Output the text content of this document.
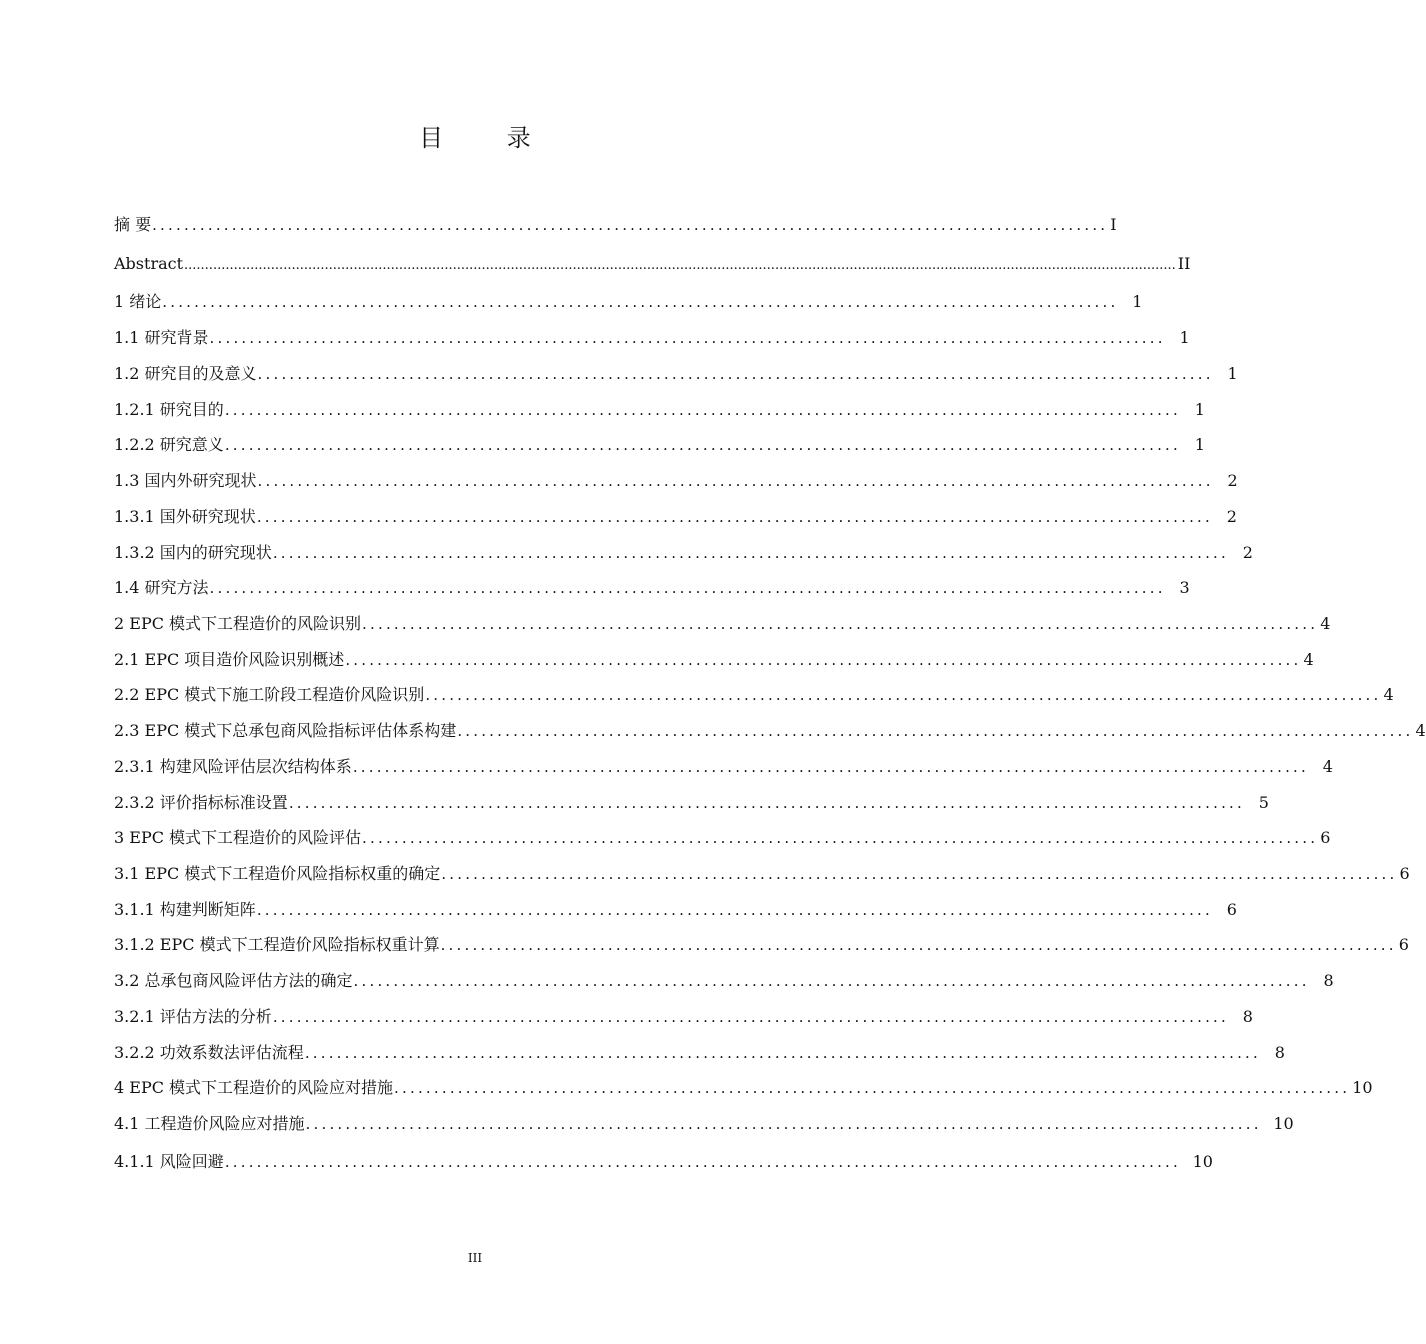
目 录
摘 要 ........................................................................................................................ I
Abstract ................................................................................................................................................................................................................................................ II
1 绪论 ........................................................................................................................ 1
1.1 研究背景 ........................................................................................................................ 1
1.2 研究目的及意义 ........................................................................................................................ 1
1.2.1 研究目的 ........................................................................................................................ 1
1.2.2 研究意义 ........................................................................................................................ 1
1.3 国内外研究现状 ........................................................................................................................ 2
1.3.1 国外研究现状 ........................................................................................................................ 2
1.3.2 国内的研究现状 ........................................................................................................................ 2
1.4 研究方法 ........................................................................................................................ 3
2 EPC 模式下工程造价的风险识别 ........................................................................................................................ 4
2.1 EPC 项目造价风险识别概述 ........................................................................................................................ 4
2.2 EPC 模式下施工阶段工程造价风险识别 ........................................................................................................................ 4
2.3 EPC 模式下总承包商风险指标评估体系构建 ........................................................................................................................ 4
2.3.1 构建风险评估层次结构体系 ........................................................................................................................ 4
2.3.2 评价指标标准设置 ........................................................................................................................ 5
3 EPC 模式下工程造价的风险评估 ........................................................................................................................ 6
3.1 EPC 模式下工程造价风险指标权重的确定 ........................................................................................................................ 6
3.1.1 构建判断矩阵 ........................................................................................................................ 6
3.1.2 EPC 模式下工程造价风险指标权重计算 ........................................................................................................................ 6
3.2 总承包商风险评估方法的确定 ........................................................................................................................ 8
3.2.1 评估方法的分析 ........................................................................................................................ 8
3.2.2 功效系数法评估流程 ........................................................................................................................ 8
4 EPC 模式下工程造价的风险应对措施 ........................................................................................................................ 10
4.1 工程造价风险应对措施 ........................................................................................................................ 10
4.1.1 风险回避 ........................................................................................................................ 10
III
